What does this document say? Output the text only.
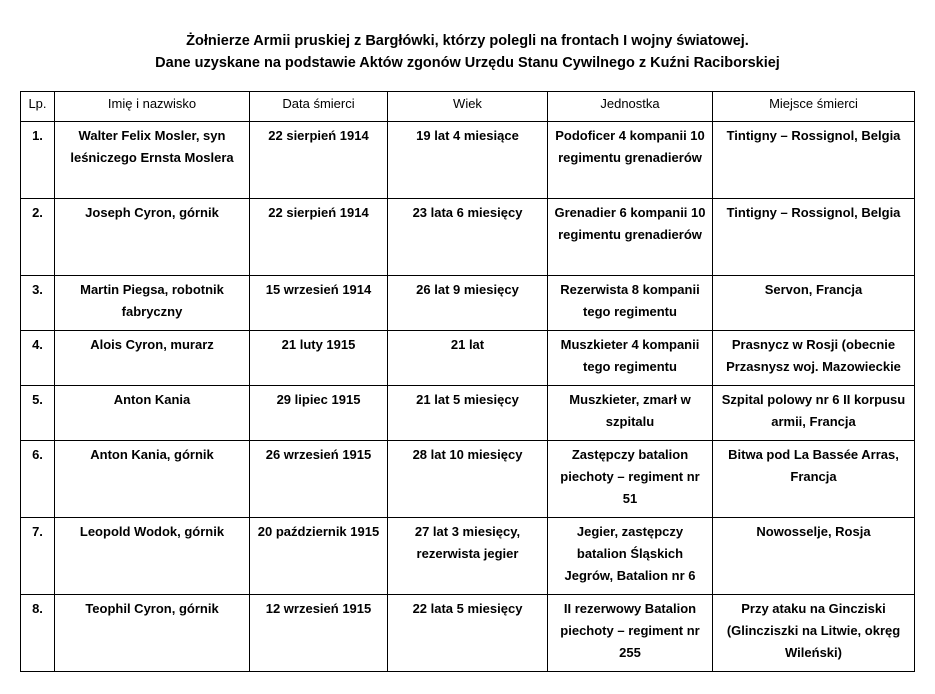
Żołnierze Armii pruskiej z Bargłówki, którzy polegli na frontach I wojny światowej.
Dane uzyskane na podstawie Aktów zgonów Urzędu Stanu Cywilnego z Kuźni Raciborskiej
Lp.	Imię i nazwisko	Data śmierci	Wiek	Jednostka	Miejsce śmierci
1.	Walter Felix Mosler, syn leśniczego Ernsta Moslera	22 sierpień 1914	19 lat 4 miesiące	Podoficer 4 kompanii 10 regimentu grenadierów	Tintigny – Rossignol, Belgia
2.	Joseph Cyron, górnik	22 sierpień 1914	23 lata 6 miesięcy	Grenadier 6 kompanii 10 regimentu grenadierów	Tintigny – Rossignol, Belgia
3.	Martin Piegsa, robotnik fabryczny	15 wrzesień 1914	26 lat 9 miesięcy	Rezerwista 8 kompanii tego regimentu	Servon, Francja
4.	Alois Cyron, murarz	21 luty 1915	21 lat	Muszkieter 4 kompanii tego regimentu	Prasnycz w Rosji (obecnie Przasnysz woj. Mazowieckie
5.	Anton Kania	29 lipiec 1915	21 lat 5 miesięcy	Muszkieter, zmarł w szpitalu	Szpital polowy nr 6 II korpusu armii, Francja
6.	Anton Kania, górnik	26 wrzesień 1915	28 lat 10 miesięcy	Zastępczy batalion piechoty – regiment nr 51	Bitwa pod La Bassée Arras, Francja
7.	Leopold Wodok, górnik	20 październik 1915	27 lat 3 miesięcy, rezerwista jegier	Jegier, zastępczy batalion Śląskich Jegrów, Batalion nr 6	Nowosselje, Rosja
8.	Teophil Cyron, górnik	12 wrzesień 1915	22 lata 5 miesięcy	II rezerwowy Batalion piechoty – regiment nr 255	Przy ataku na Gincziski (Glincziszki na Litwie, okręg Wileński)
